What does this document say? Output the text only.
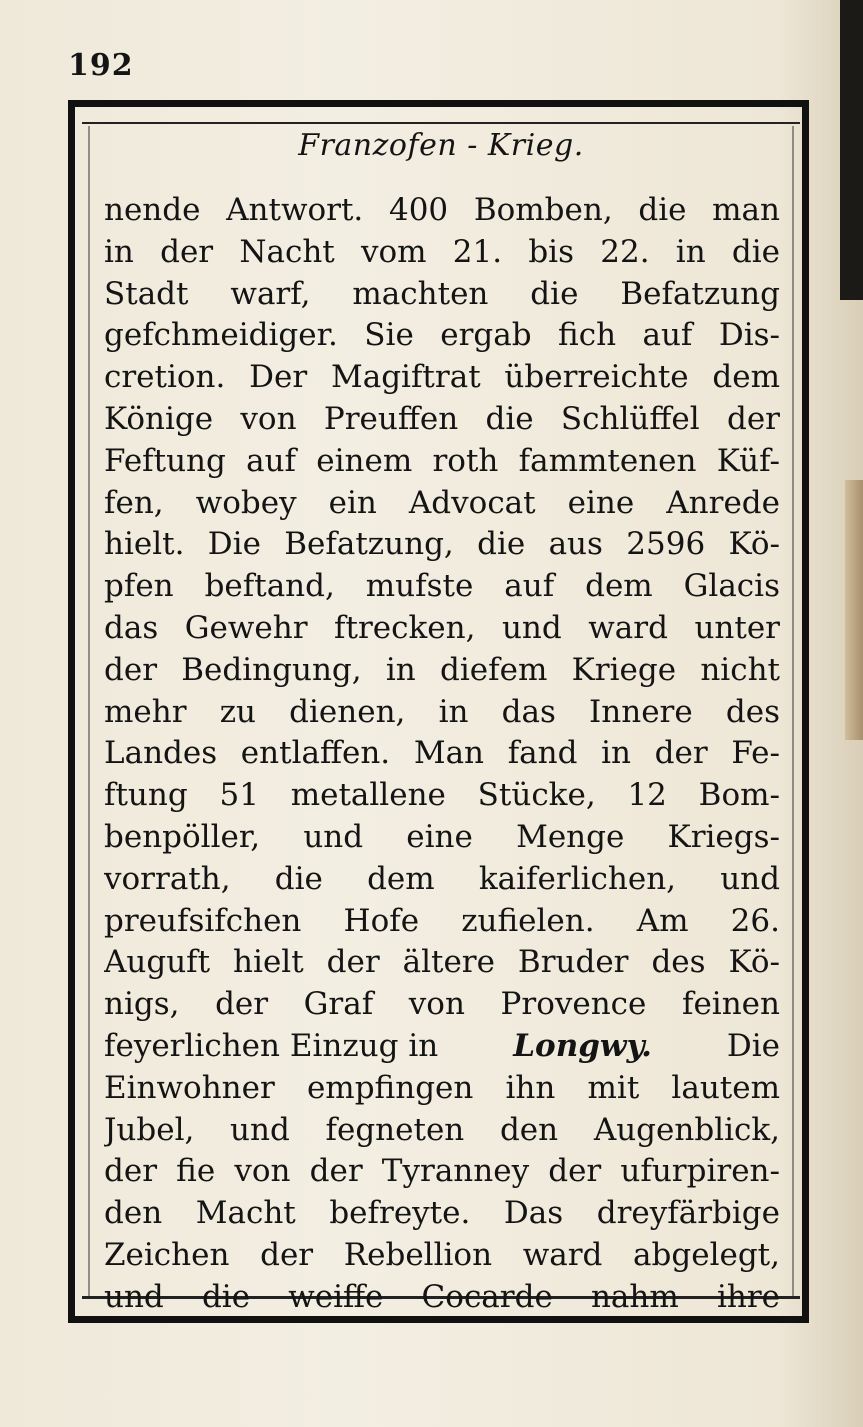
192
Franzofen - Krieg.
nende Antwort. 400 Bomben, die man
in der Nacht vom 21. bis 22. in die
Stadt warf, machten die Befatzung
gefchmeidiger. Sie ergab fich auf Dis-
cretion. Der Magiftrat überreichte dem
Könige von Preuffen die Schlüffel der
Feftung auf einem roth fammtenen Küf-
fen, wobey ein Advocat eine Anrede
hielt. Die Befatzung, die aus 2596 Kö-
pfen beftand, mufste auf dem Glacis
das Gewehr ftrecken, und ward unter
der Bedingung, in diefem Kriege nicht
mehr zu dienen, in das Innere des
Landes entlaffen. Man fand in der Fe-
ftung 51 metallene Stücke, 12 Bom-
benpöller, und eine Menge Kriegs-
vorrath, die dem kaiferlichen, und
preufsifchen Hofe zufielen. Am 26.
Auguft hielt der ältere Bruder des Kö-
nigs, der Graf von Provence feinen
feyerlichen Einzug in Longwy. Die
Einwohner empfingen ihn mit lautem
Jubel, und fegneten den Augenblick,
der fie von der Tyranney der ufurpiren-
den Macht befreyte. Das dreyfärbige
Zeichen der Rebellion ward abgelegt,
und die weiffe Cocarde nahm ihre
